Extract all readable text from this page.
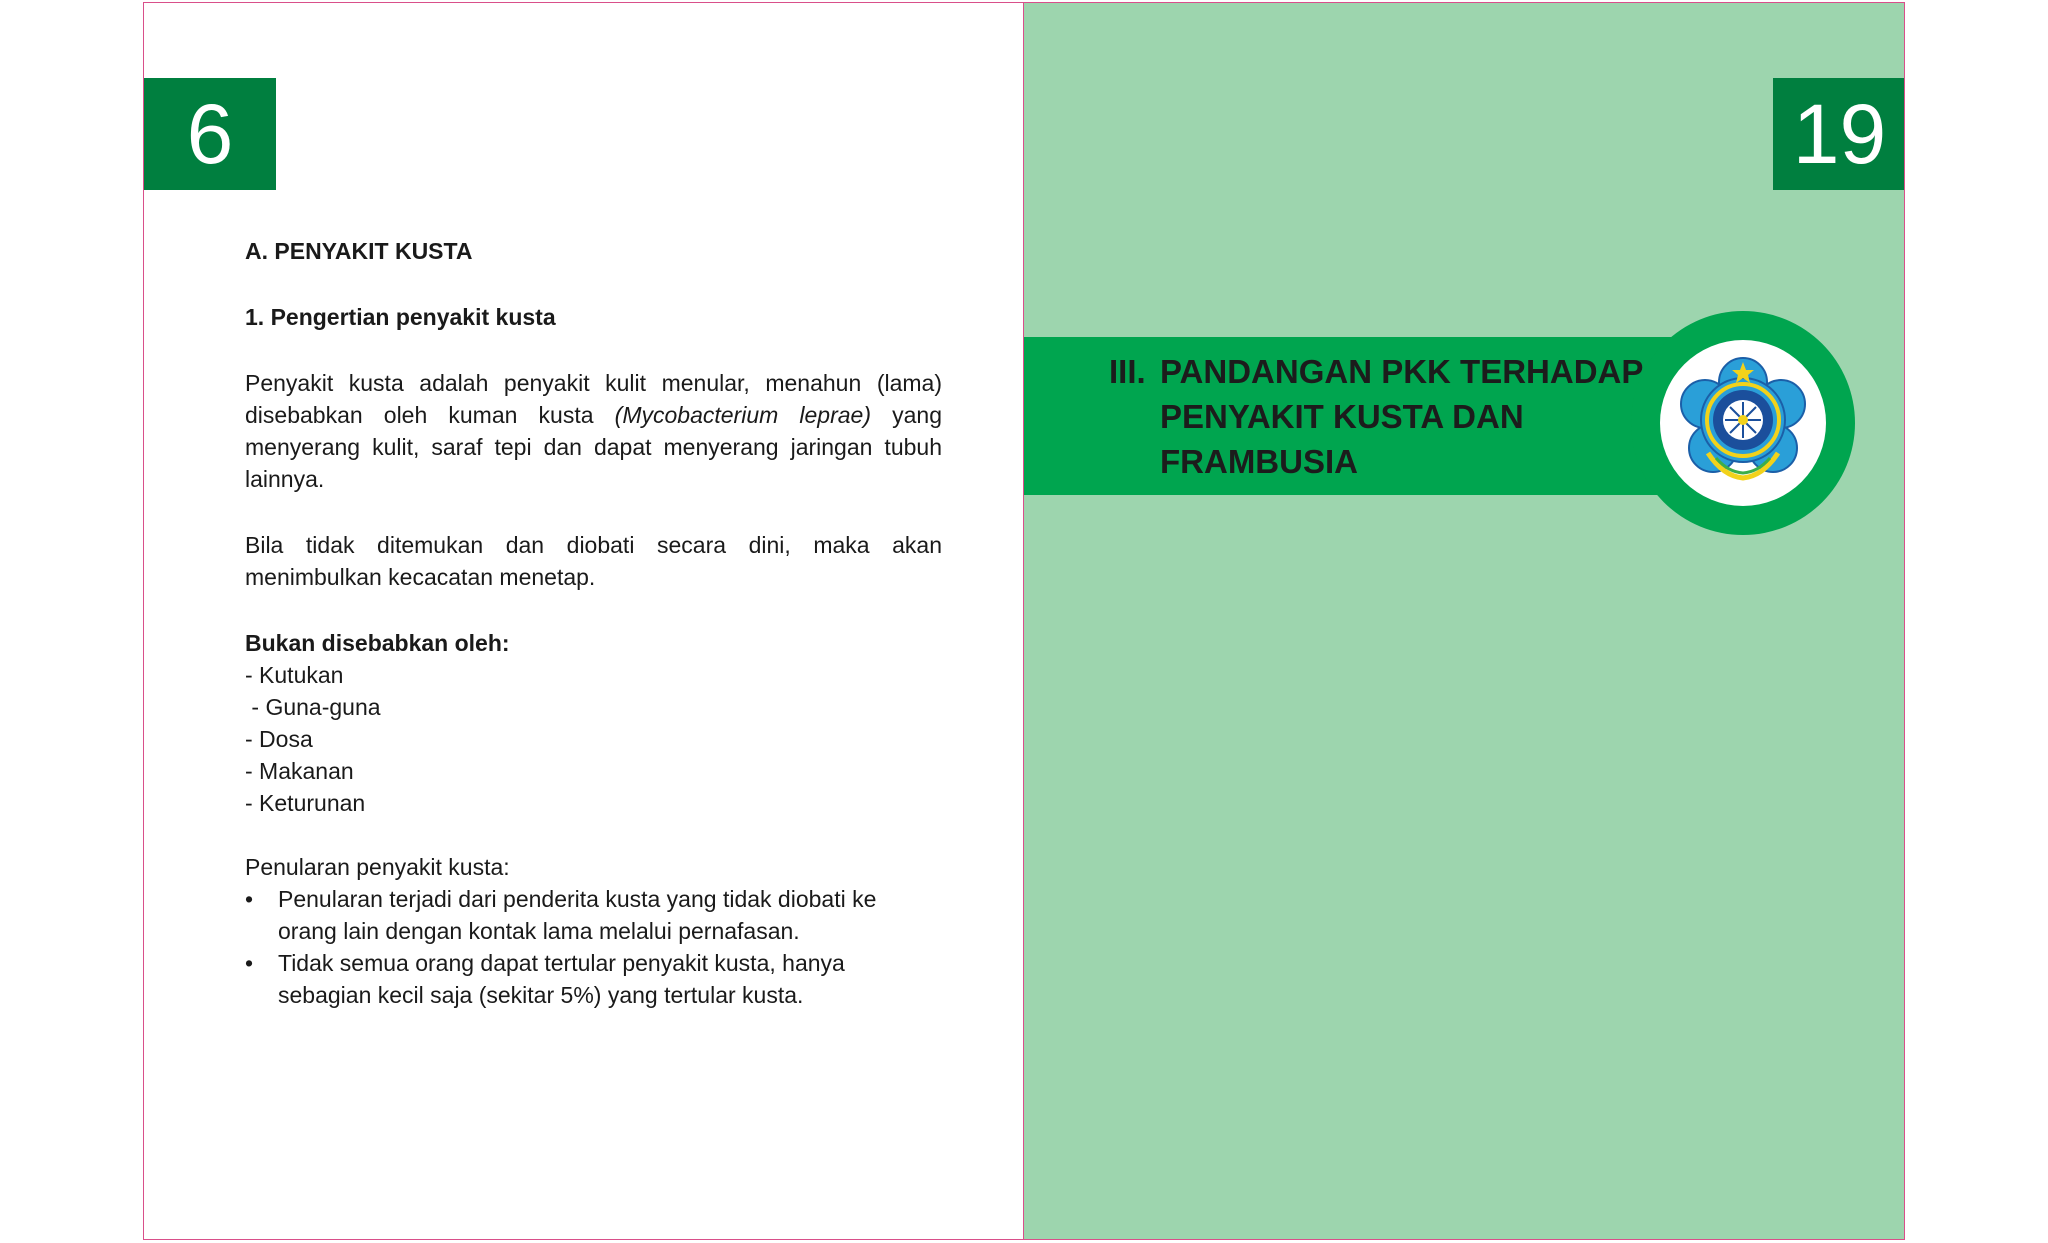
6

A. PENYAKIT KUSTA

1. Pengertian penyakit kusta

Penyakit kusta adalah penyakit kulit menular, menahun (lama) disebabkan oleh kuman kusta (Mycobacterium leprae) yang menyerang kulit, saraf tepi dan dapat menyerang jaringan tubuh lainnya.

Bila tidak ditemukan dan diobati secara dini, maka akan menimbulkan kecacatan menetap.

Bukan disebabkan oleh:

- Kutukan
- Guna-guna
- Dosa
- Makanan
- Keturunan

Penularan penyakit kusta:

•	Penularan terjadi dari penderita kusta yang tidak diobati ke orang lain dengan kontak lama melalui pernafasan.
•	Tidak semua orang dapat tertular penyakit kusta, hanya sebagian kecil saja (sekitar 5%) yang tertular kusta.
19
III. PANDANGAN PKK TERHADAP PENYAKIT KUSTA DAN FRAMBUSIA
